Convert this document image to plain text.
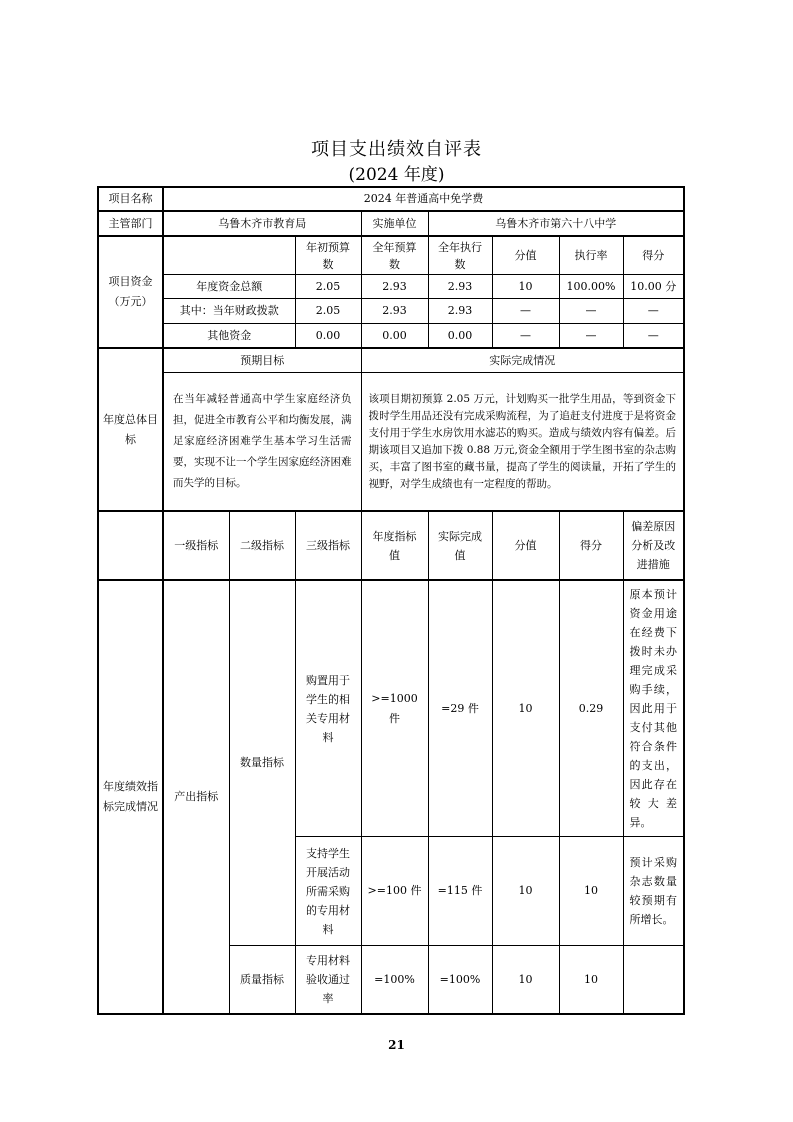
项目支出绩效自评表
(2024 年度)
项目名称	2024 年普通高中免学费							
主管部门	乌鲁木齐市教育局			实施单位	乌鲁木齐市第六十八中学			
项目资金（万元）			年初预算数	全年预算数	全年执行数	分值	执行率	得分
	年度资金总额		2.05	2.93	2.93	10	100.00%	10.00 分
	其中：当年财政拨款		2.05	2.93	2.93	—	—	—
	其他资金		0.00	0.00	0.00	—	—	—
年度总体目标	预期目标			实际完成情况				
	在当年减轻普通高中学生家庭经济负担，促进全市教育公平和均衡发展，满足家庭经济困难学生基本学习生活需要，实现不让一个学生因家庭经济困难而失学的目标。			该项目期初预算 2.05 万元，计划购买一批学生用品，等到资金下拨时学生用品还没有完成采购流程，为了追赶支付进度于是将资金支付用于学生水房饮用水滤芯的购买。造成与绩效内容有偏差。后期该项目又追加下拨 0.88 万元,资金全额用于学生图书室的杂志购买，丰富了图书室的藏书量，提高了学生的阅读量，开拓了学生的视野，对学生成绩也有一定程度的帮助。				
	一级指标	二级指标	三级指标	年度指标值	实际完成值	分值	得分	偏差原因分析及改进措施
年度绩效指标完成情况	产出指标	数量指标	购置用于学生的相关专用材料	>=1000 件	=29 件	10	0.29	原本预计资金用途在经费下拨时未办理完成采购手续，因此用于支付其他符合条件的支出，因此存在较大差异。
			支持学生开展活动所需采购的专用材料	>=100 件	=115 件	10	10	预计采购杂志数量较预期有所增长。
		质量指标	专用材料验收通过率	=100%	=100%	10	10	
21
